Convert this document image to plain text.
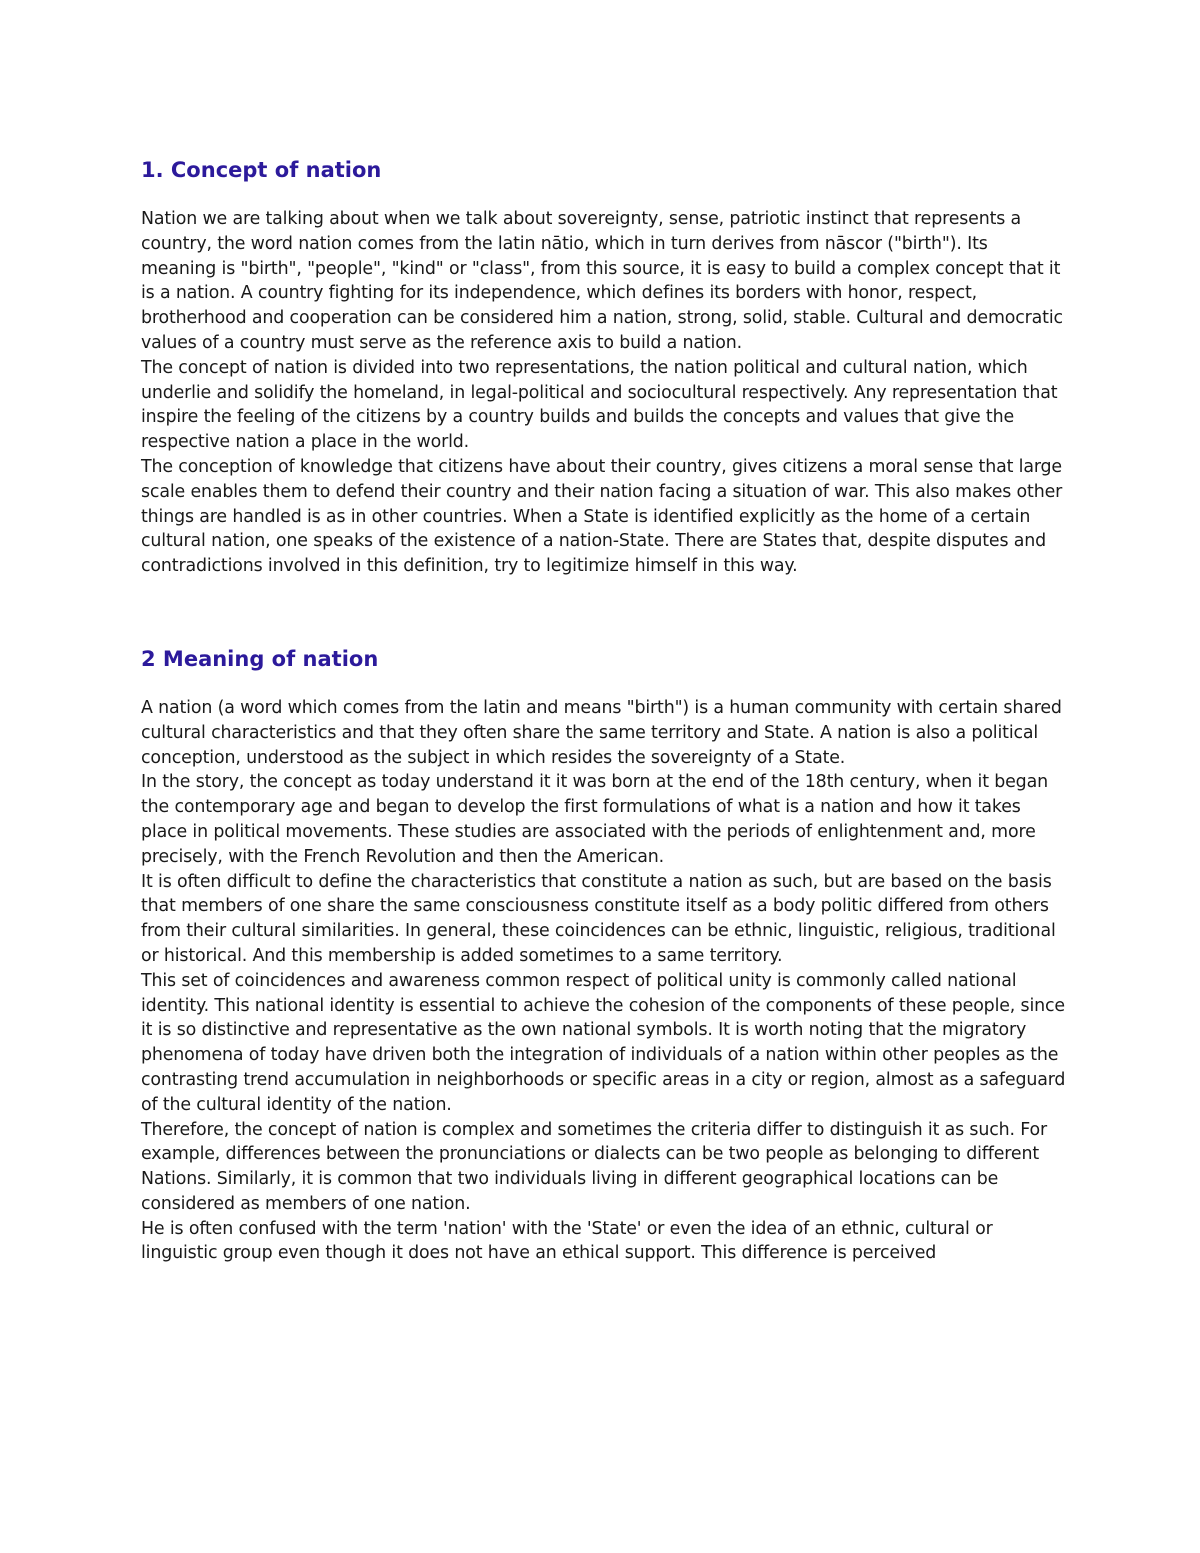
1. Concept of nation

Nation we are talking about when we talk about sovereignty, sense, patriotic instinct that represents a country, the word nation comes from the latin nātio, which in turn derives from nāscor ("birth"). Its meaning is "birth", "people", "kind" or "class", from this source, it is easy to build a complex concept that it is a nation. A country fighting for its independence, which defines its borders with honor, respect, brotherhood and cooperation can be considered him a nation, strong, solid, stable. Cultural and democratic values of a country must serve as the reference axis to build a nation.

The concept of nation is divided into two representations, the nation political and cultural nation, which underlie and solidify the homeland, in legal-political and sociocultural respectively. Any representation that inspire the feeling of the citizens by a country builds and builds the concepts and values that give the respective nation a place in the world.

The conception of knowledge that citizens have about their country, gives citizens a moral sense that large scale enables them to defend their country and their nation facing a situation of war. This also makes other things are handled is as in other countries. When a State is identified explicitly as the home of a certain cultural nation, one speaks of the existence of a nation-State. There are States that, despite disputes and contradictions involved in this definition, try to legitimize himself in this way.

2 Meaning of nation

A nation (a word which comes from the latin and means "birth") is a human community with certain shared cultural characteristics and that they often share the same territory and State. A nation is also a political conception, understood as the subject in which resides the sovereignty of a State.

In the story, the concept as today understand it it was born at the end of the 18th century, when it began the contemporary age and began to develop the first formulations of what is a nation and how it takes place in political movements. These studies are associated with the periods of enlightenment and, more precisely, with the French Revolution and then the American.

It is often difficult to define the characteristics that constitute a nation as such, but are based on the basis that members of one share the same consciousness constitute itself as a body politic differed from others from their cultural similarities. In general, these coincidences can be ethnic, linguistic, religious, traditional or historical. And this membership is added sometimes to a same territory.

This set of coincidences and awareness common respect of political unity is commonly called national identity. This national identity is essential to achieve the cohesion of the components of these people, since it is so distinctive and representative as the own national symbols. It is worth noting that the migratory phenomena of today have driven both the integration of individuals of a nation within other peoples as the contrasting trend accumulation in neighborhoods or specific areas in a city or region, almost as a safeguard of the cultural identity of the nation.

Therefore, the concept of nation is complex and sometimes the criteria differ to distinguish it as such. For example, differences between the pronunciations or dialects can be two people as belonging to different Nations. Similarly, it is common that two individuals living in different geographical locations can be considered as members of one nation.

He is often confused with the term 'nation' with the 'State' or even the idea of an ethnic, cultural or linguistic group even though it does not have an ethical support. This difference is perceived
